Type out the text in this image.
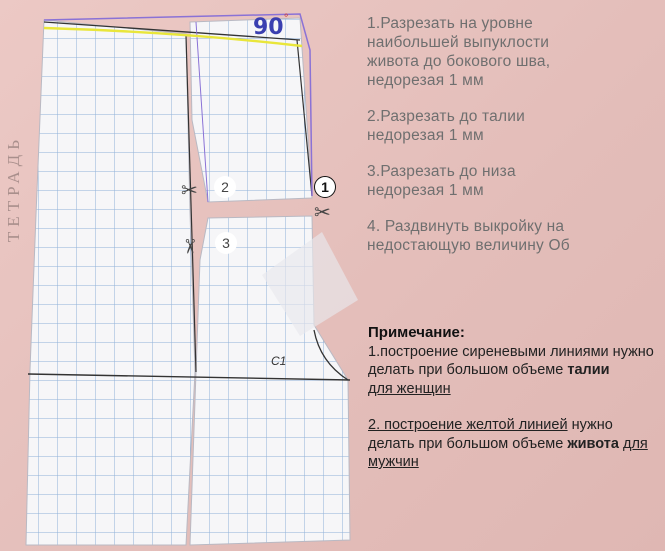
ТЕТРАДЬ
90°
2
3
1
✂
✂
✂
C1
1.Разрезать на уровне
наибольшей выпуклости
живота до бокового шва,
недорезая 1 мм
2.Разрезать до талии
недорезая 1 мм
3.Разрезать до низа
недорезая 1 мм
4. Раздвинуть выкройку на
недостающую величину Об
Примечание:

1.построение сиреневыми линиями нужно делать при большом объеме талии
для женщин

2. построение желтой линией нужно делать при большом объеме живота для мужчин
